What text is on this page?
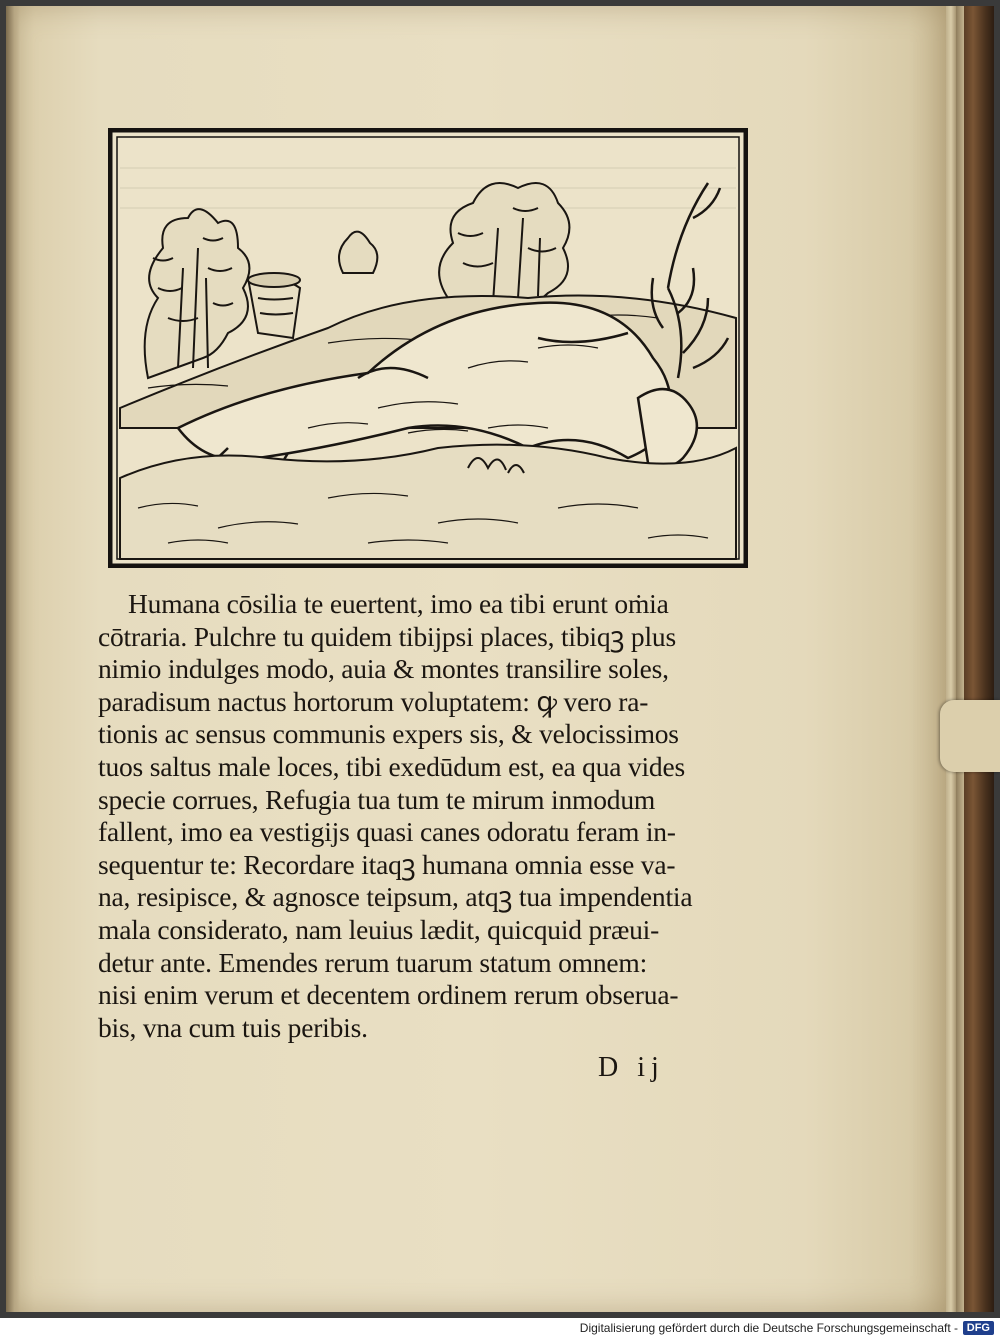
Humana cōsilia te euertent, imo ea tibi erunt oṁia
cōtraria. Pulchre tu quidem tibijpsi places, tibiqꝫ plus
nimio indulges modo, auia & montes transilire soles,
paradisum nactus hortorum voluptatem: ꝙ vero ra‑
tionis ac sensus communis expers sis, & velocissimos
tuos saltus male loces, tibi exedūdum est, ea qua vides
specie corrues, Refugia tua tum te mirum inmodum
fallent, imo ea vestigijs quasi canes odoratu feram in‑
sequentur te: Recordare itaqꝫ humana omnia esse va‑
na, resipisce, & agnosce teipsum, atqꝫ tua impendentia
mala considerato, nam leuius lædit, quicquid præui‑
detur ante. Emendes rerum tuarum statum omnem:
nisi enim verum et decentem ordinem rerum obserua‑
bis, vna cum tuis peribis.
D ij
Digitalisierung gefördert durch die Deutsche Forschungsgemeinschaft - DFG
